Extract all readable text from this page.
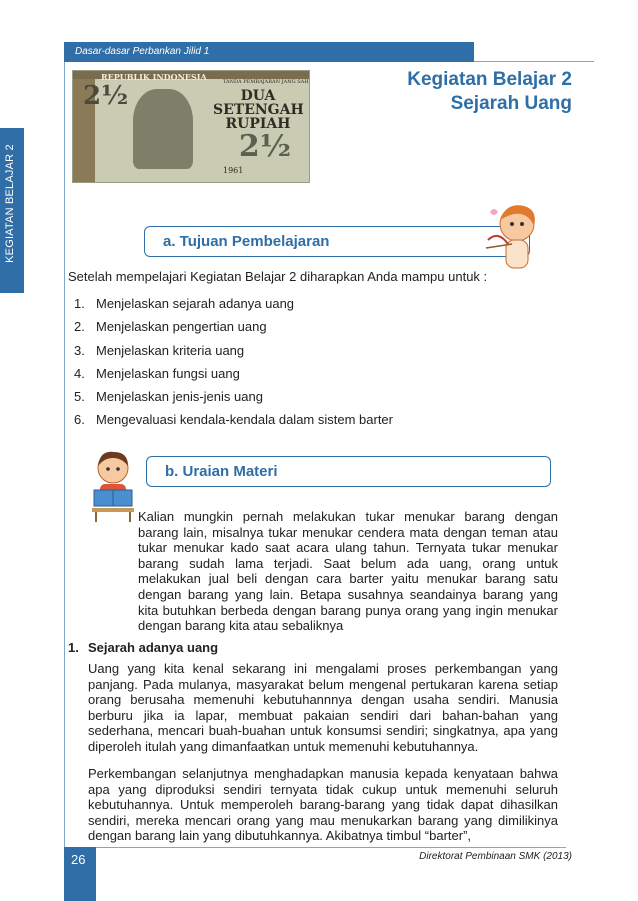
KEGIATAN BELAJAR 2
Dasar-dasar Perbankan Jilid 1
REPUBLIK INDONESIA
2½	TANDA PEMBAJARAN JANG SAH
DUA SETENGAH RUPIAH
2½
1961
Kegiatan Belajar 2
Sejarah Uang
a. Tujuan Pembelajaran
Setelah mempelajari Kegiatan Belajar 2 diharapkan Anda mampu untuk :
1. Menjelaskan sejarah adanya uang
2. Menjelaskan pengertian uang
3. Menjelaskan kriteria uang
4. Menjelaskan fungsi uang
5. Menjelaskan jenis-jenis uang
6. Mengevaluasi kendala-kendala dalam sistem barter
b. Uraian Materi
Kalian mungkin pernah melakukan tukar menukar barang dengan barang lain, misalnya tukar menukar cendera mata dengan teman atau tukar menukar kado saat acara ulang tahun. Ternyata tukar menukar barang sudah lama terjadi. Saat belum ada uang, orang untuk melakukan jual beli dengan cara barter yaitu menukar barang satu dengan barang yang lain. Betapa susahnya seandainya barang yang kita butuhkan berbeda dengan barang punya orang yang ingin menukar dengan barang kita atau sebaliknya
1. Sejarah adanya uang
Uang yang kita kenal sekarang ini mengalami proses perkembangan yang panjang. Pada mulanya, masyarakat belum mengenal pertukaran karena setiap orang berusaha memenuhi kebutuhannnya dengan usaha sendiri. Manusia berburu jika ia lapar, membuat pakaian sendiri dari bahan-bahan yang sederhana, mencari buah-buahan untuk konsumsi sendiri; singkatnya, apa yang diperoleh itulah yang dimanfaatkan untuk memenuhi kebutuhannya.
Perkembangan selanjutnya menghadapkan manusia kepada kenyataan bahwa apa yang diproduksi sendiri ternyata tidak cukup untuk memenuhi seluruh kebutuhannya. Untuk memperoleh barang-barang yang tidak dapat dihasilkan sendiri, mereka mencari orang yang mau menukarkan barang yang dimilikinya dengan barang lain yang dibutuhkannya. Akibatnya timbul “barter”,
26	Direktorat Pembinaan SMK (2013)
